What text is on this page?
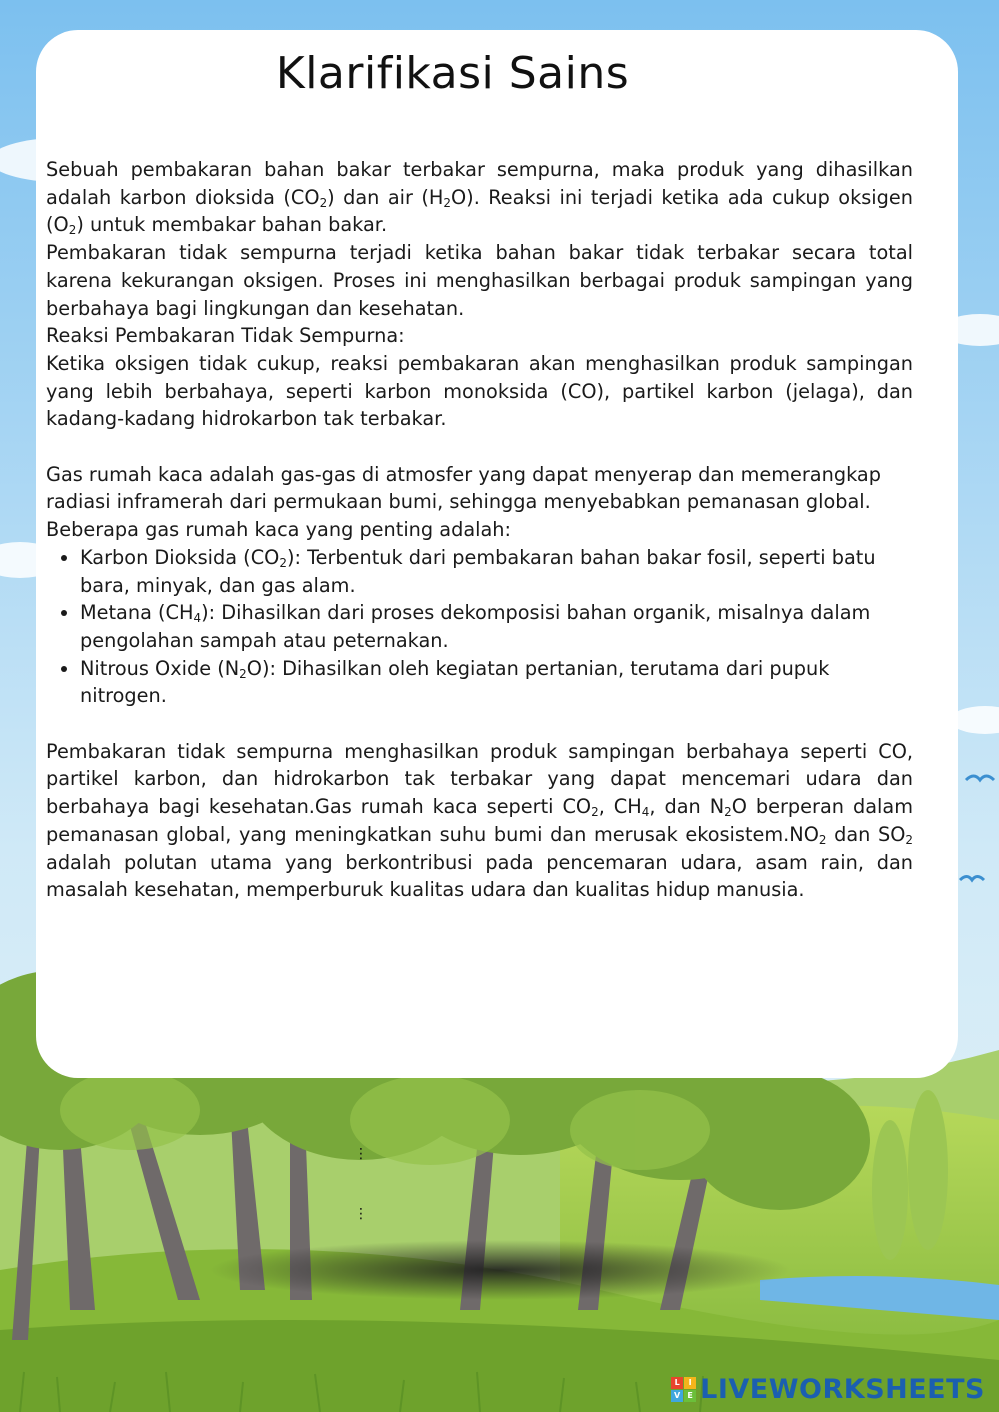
Klarifikasi Sains

Sebuah pembakaran bahan bakar terbakar sempurna, maka produk yang dihasilkan adalah karbon dioksida $(CO_2)$ dan air $(H_2O)$. Reaksi ini terjadi ketika ada cukup oksigen $(O_2)$ untuk membakar bahan bakar.

Pembakaran tidak sempurna terjadi ketika bahan bakar tidak terbakar secara total karena kekurangan oksigen. Proses ini menghasilkan berbagai produk sampingan yang berbahaya bagi lingkungan dan kesehatan.

Reaksi Pembakaran Tidak Sempurna:

Ketika oksigen tidak cukup, reaksi pembakaran akan menghasilkan produk sampingan yang lebih berbahaya, seperti karbon monoksida (CO), partikel karbon (jelaga), dan kadang-kadang hidrokarbon tak terbakar.

Gas rumah kaca adalah gas-gas di atmosfer yang dapat menyerap dan memerangkap radiasi inframerah dari permukaan bumi, sehingga menyebabkan pemanasan global.

Beberapa gas rumah kaca yang penting adalah:

• Karbon Dioksida $(CO_2)$: Terbentuk dari pembakaran bahan bakar fosil, seperti batu bara, minyak, dan gas alam.
• Metana $(CH_4)$: Dihasilkan dari proses dekomposisi bahan organik, misalnya dalam pengolahan sampah atau peternakan.
• Nitrous Oxide $(N_2O)$: Dihasilkan oleh kegiatan pertanian, terutama dari pupuk nitrogen.

Pembakaran tidak sempurna menghasilkan produk sampingan berbahaya seperti CO, partikel karbon, dan hidrokarbon tak terbakar yang dapat mencemari udara dan berbahaya bagi kesehatan.Gas rumah kaca seperti $CO_2$, $CH_4$, dan $N_2O$ berperan dalam pemanasan global, yang meningkatkan suhu bumi dan merusak $ekosistem.NO_2$ dan $SO_2$ adalah polutan utama yang berkontribusi pada pencemaran udara, asam rain, dan masalah kesehatan, memperburuk kualitas udara dan kualitas hidup manusia.

⋮
⋮
L	I
V E LIVEWORKSHEETS
